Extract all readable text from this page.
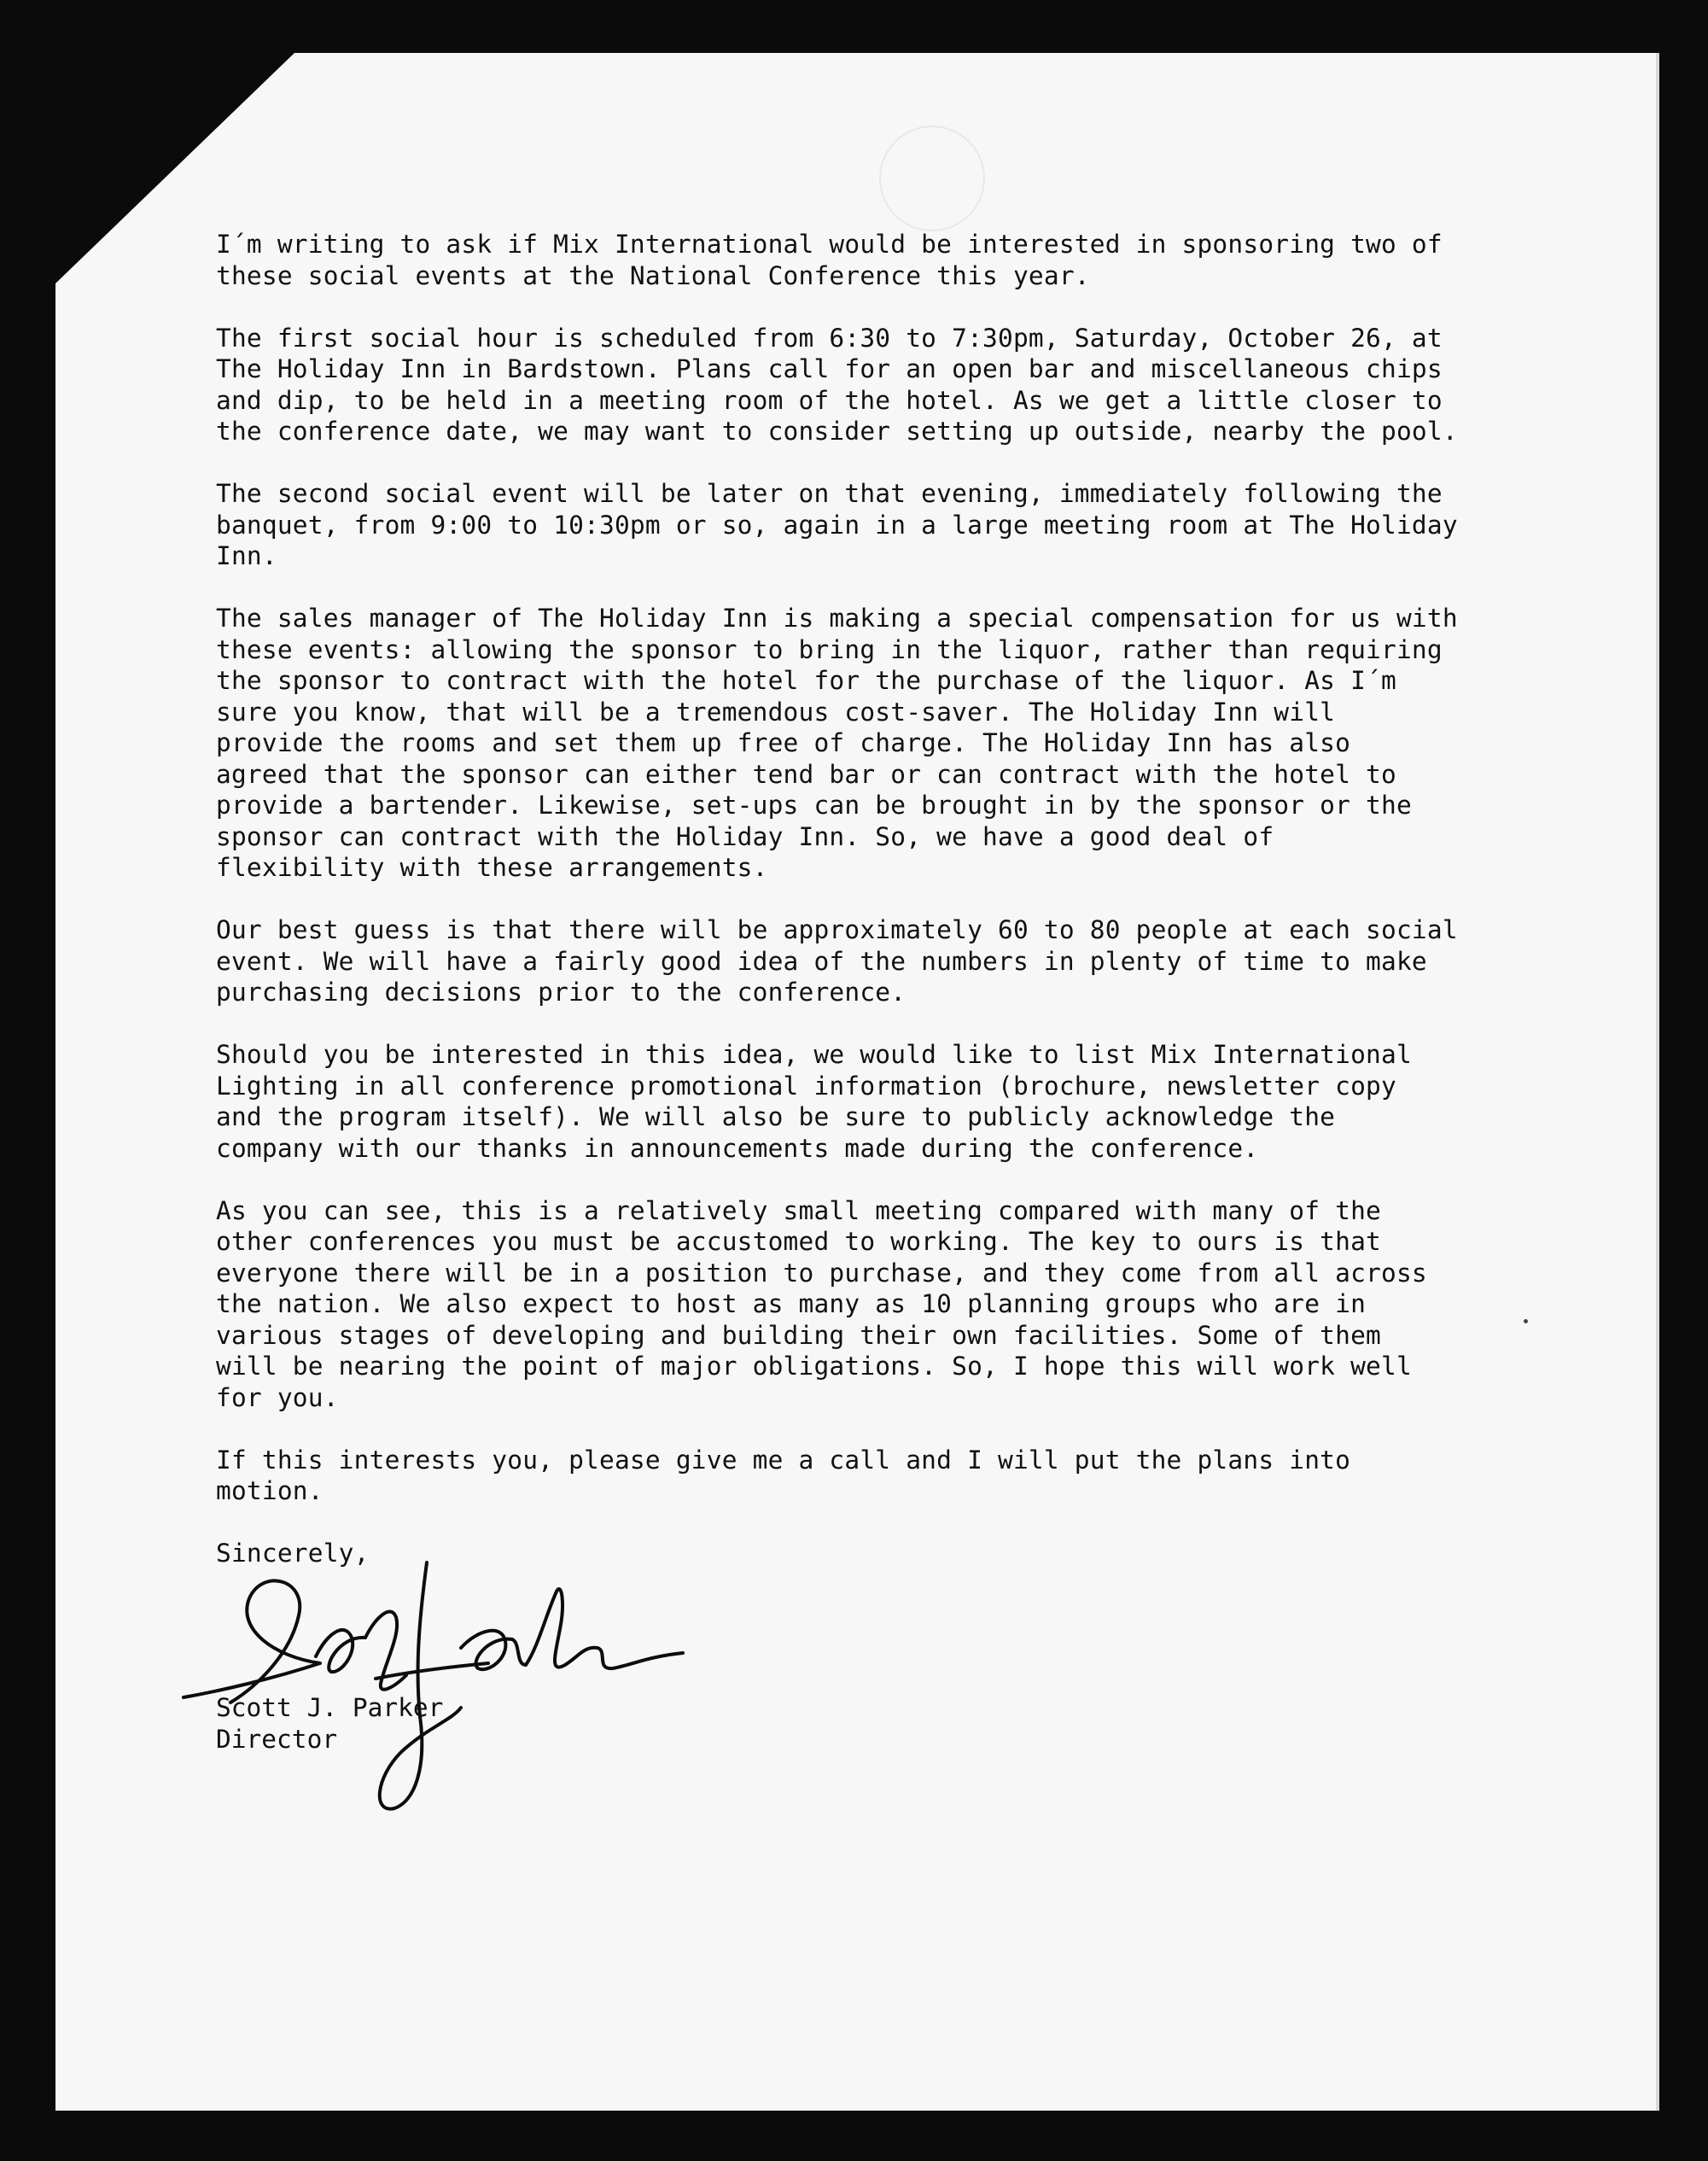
I´m writing to ask if Mix International would be interested in sponsoring two of
these social events at the National Conference this year.

The first social hour is scheduled from 6:30 to 7:30pm, Saturday, October 26, at
The Holiday Inn in Bardstown. Plans call for an open bar and miscellaneous chips
and dip, to be held in a meeting room of the hotel. As we get a little closer to
the conference date, we may want to consider setting up outside, nearby the pool.

The second social event will be later on that evening, immediately following the
banquet, from 9:00 to 10:30pm or so, again in a large meeting room at The Holiday
Inn.

The sales manager of The Holiday Inn is making a special compensation for us with
these events: allowing the sponsor to bring in the liquor, rather than requiring
the sponsor to contract with the hotel for the purchase of the liquor. As I´m
sure you know, that will be a tremendous cost-saver. The Holiday Inn will
provide the rooms and set them up free of charge. The Holiday Inn has also
agreed that the sponsor can either tend bar or can contract with the hotel to
provide a bartender. Likewise, set-ups can be brought in by the sponsor or the
sponsor can contract with the Holiday Inn. So, we have a good deal of
flexibility with these arrangements.

Our best guess is that there will be approximately 60 to 80 people at each social
event. We will have a fairly good idea of the numbers in plenty of time to make
purchasing decisions prior to the conference.

Should you be interested in this idea, we would like to list Mix International
Lighting in all conference promotional information (brochure, newsletter copy
and the program itself). We will also be sure to publicly acknowledge the
company with our thanks in announcements made during the conference.

As you can see, this is a relatively small meeting compared with many of the
other conferences you must be accustomed to working. The key to ours is that
everyone there will be in a position to purchase, and they come from all across
the nation. We also expect to host as many as 10 planning groups who are in
various stages of developing and building their own facilities. Some of them
will be nearing the point of major obligations. So, I hope this will work well
for you.

If this interests you, please give me a call and I will put the plans into
motion.

Sincerely,

Scott J. Parker
Director
